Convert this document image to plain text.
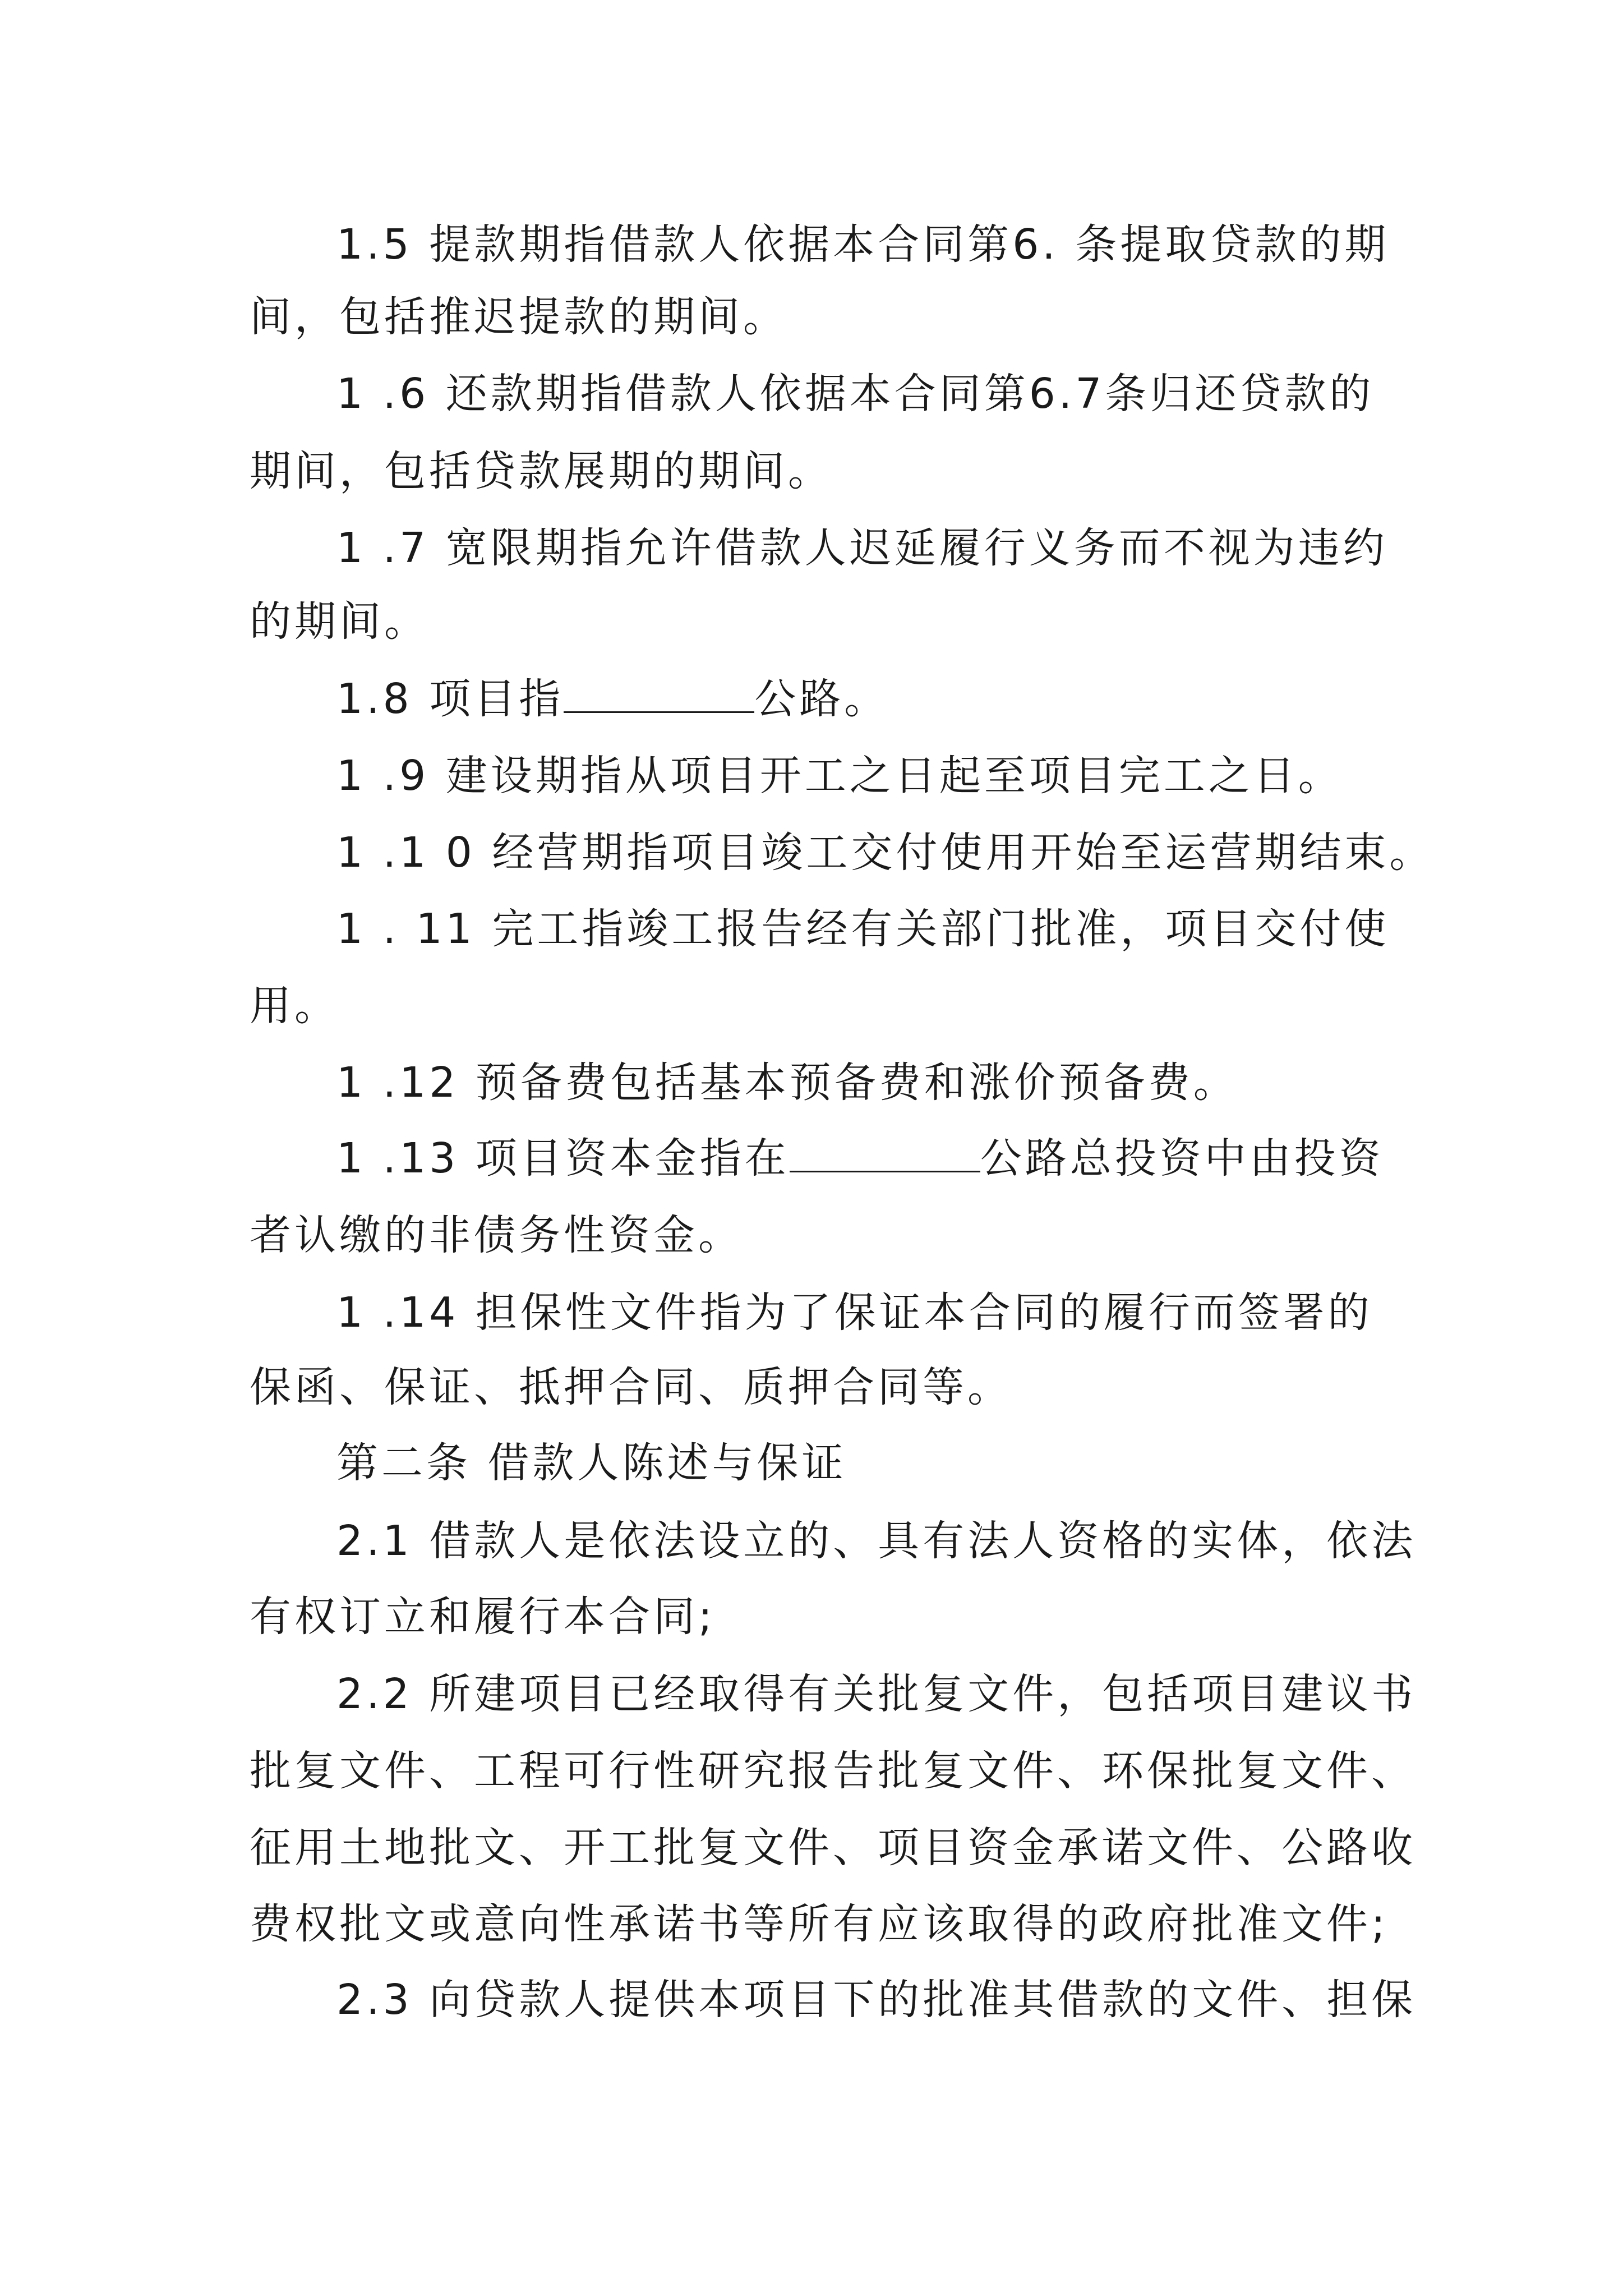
1.5 提款期指借款人依据本合同第6. 条提取贷款的期
间，包括推迟提款的期间。
1 .6 还款期指借款人依据本合同第6.7条归还贷款的
期间，包括贷款展期的期间。
1 .7 宽限期指允许借款人迟延履行义务而不视为违约
的期间。
1.8 项目指	公路。
1 .9 建设期指从项目开工之日起至项目完工之日。
1 .1 0 经营期指项目竣工交付使用开始至运营期结束。
1 . 11 完工指竣工报告经有关部门批准，项目交付使
用。
1 .12 预备费包括基本预备费和涨价预备费。
1 .13 项目资本金指在	公路总投资中由投资
者认缴的非债务性资金。
1 .14 担保性文件指为了保证本合同的履行而签署的
保函、保证、抵押合同、质押合同等。
第二条 借款人陈述与保证
2.1 借款人是依法设立的、具有法人资格的实体，依法
有权订立和履行本合同;
2.2 所建项目已经取得有关批复文件，包括项目建议书
批复文件、工程可行性研究报告批复文件、环保批复文件、
征用土地批文、开工批复文件、项目资金承诺文件、公路收
费权批文或意向性承诺书等所有应该取得的政府批准文件;
2.3 向贷款人提供本项目下的批准其借款的文件、担保
